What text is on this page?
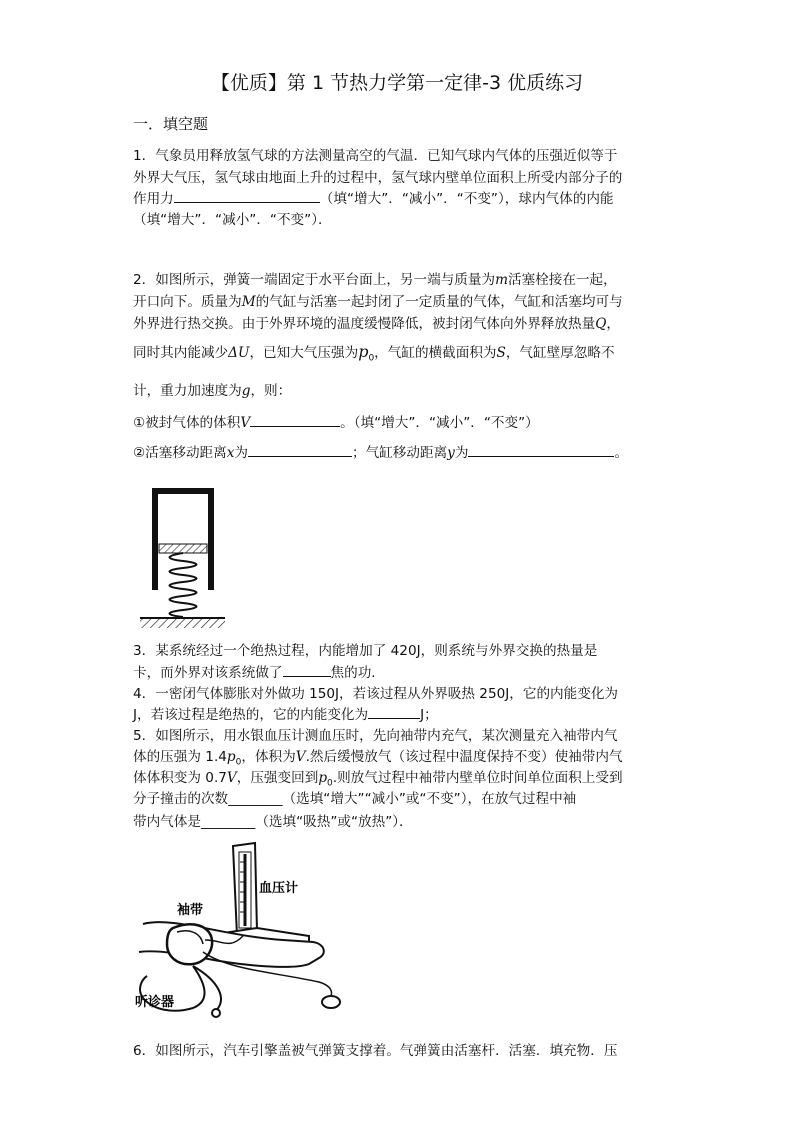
【优质】第 1 节热力学第一定律-3 优质练习
一．填空题
1．气象员用释放氢气球的方法测量高空的气温．已知气球内气体的压强近似等于
外界大气压，氢气球由地面上升的过程中，氢气球内壁单位面积上所受内部分子的
作用力	（填“增大”．“减小”．“不变”），球内气体的内能
（填“增大”．“减小”．“不变”）．
2．如图所示，弹簧一端固定于水平台面上，另一端与质量为m活塞栓接在一起，
开口向下。质量为M的气缸与活塞一起封闭了一定质量的气体，气缸和活塞均可与
外界进行热交换。由于外界环境的温度缓慢降低，被封闭气体向外界释放热量Q，
同时其内能减少ΔU，已知大气压强为$p_0$，气缸的横截面积为S，气缸壁厚忽略不
计，重力加速度为g，则：
①被封气体的体积V	。（填“增大”．“减小”．“不变”）
②活塞移动距离x为	；气缸移动距离y为	。
3．某系统经过一个绝热过程，内能增加了 420J，则系统与外界交换的热量是
卡，而外界对该系统做了	焦的功．
4．一密闭气体膨胀对外做功 150J，若该过程从外界吸热 250J，它的内能变化为
J，若该过程是绝热的，它的内能变化为	J；
5．如图所示，用水银血压计测血压时，先向袖带内充气，某次测量充入袖带内气
体的压强为 $1.4p_0$，体积为V.然后缓慢放气（该过程中温度保持不变）使袖带内气
体体积变为 0.7V，压强变回到$p_0$.则放气过程中袖带内壁单位时间单位面积上受到
分子撞击的次数________（选填“增大”“减小”或“不变”），在放气过程中袖
带内气体是________（选填“吸热”或“放热”）．
袖带
血压计
听诊器
6．如图所示，汽车引擎盖被气弹簧支撑着。气弹簧由活塞杆．活塞．填充物．压
